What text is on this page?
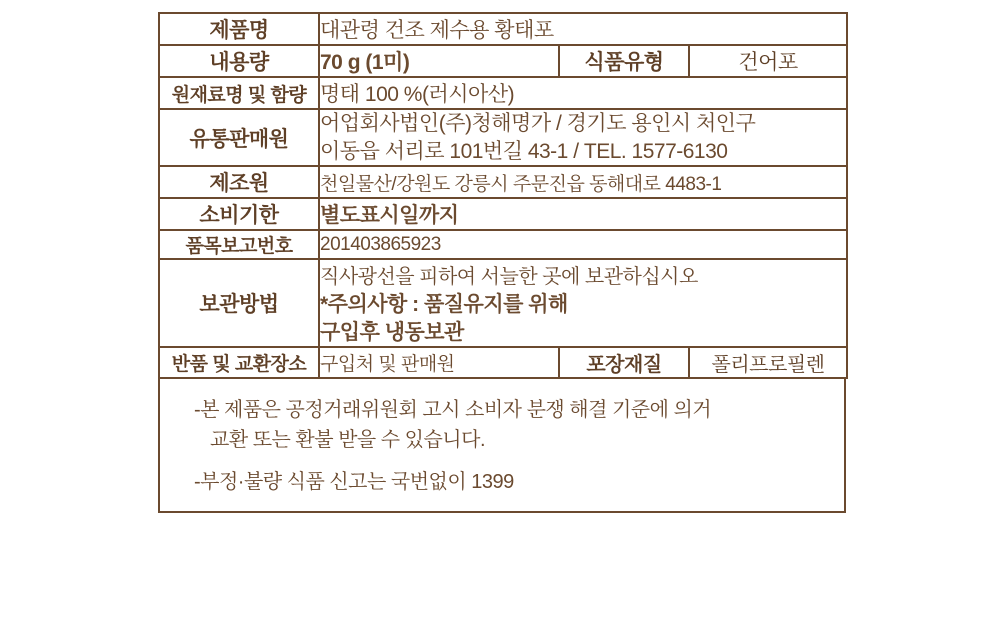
제품명	대관령 건조 제수용 황태포		
내용량	70 g (1미)	식품유형	건어포
원재료명 및 함량	명태 100 %(러시아산)		
유통판매원	어업회사법인(주)청해명가 / 경기도 용인시 처인구
이동읍 서리로 101번길 43-1 / TEL. 1577-6130		

제조원	천일물산/강원도 강릉시 주문진읍 동해대로 4483-1		
소비기한	별도표시일까지		
품목보고번호	201403865923		
보관방법	직사광선을 피하여 서늘한 곳에 보관하십시오
*주의사항 : 품질유지를 위해
구입후 냉동보관		

반품 및 교환장소	구입처 및 판매원	포장재질	폴리프로필렌
-본 제품은 공정거래위원회 고시 소비자 분쟁 해결 기준에 의거
교환 또는 환불 받을 수 있습니다.
-부정·불량 식품 신고는 국번없이 1399
